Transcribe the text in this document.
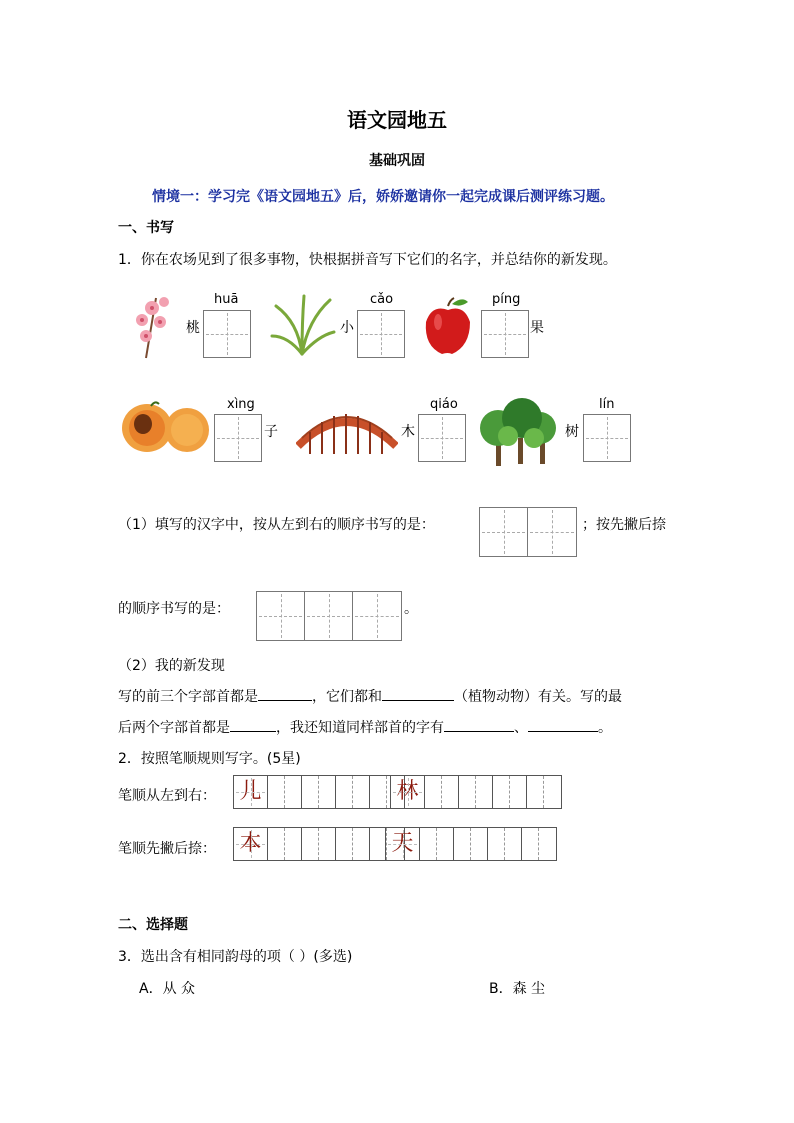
语文园地五
基础巩固
情境一：学习完《语文园地五》后，娇娇邀请你一起完成课后测评练习题。
一、书写
1．你在农场见到了很多事物，快根据拼音写下它们的名字，并总结你的新发现。
桃
huā
小
cǎo	píng
果
xìng
子	木
qiáo
树
lín
（1）填写的汉字中，按从左到右的顺序书写的是：	；按先撇后捺
的顺序书写的是：	。
（2）我的新发现
写的前三个字部首都是	，它们都和	（植物动物）有关。写的最
后两个字部首都是	，我还知道同样部首的字有	、	。
2．按照笔顺规则写字。(5星)
笔顺从左到右： 儿	林
笔顺先撇后捺： 本	天
二、选择题
3．选出含有相同韵母的项（ ）(多选)
A．从 众	B．森 尘
